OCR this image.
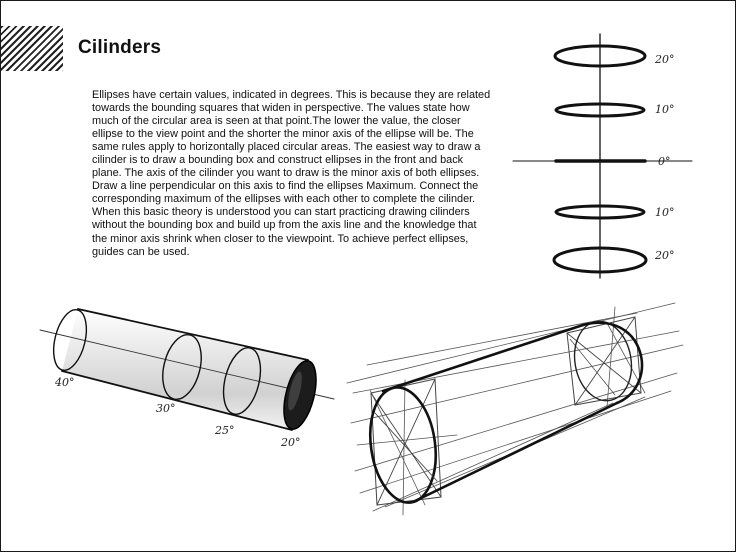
Cilinders

Ellipses have certain values, indicated in degrees. This is because they are related towards the bounding squares that widen in perspective. The values state how much of the circular area is seen at that point.The lower the value, the closer ellipse to the view point and the shorter the minor axis of the ellipse will be. The same rules apply to horizontally placed circular areas. The easiest way to draw a cilinder is to draw a bounding box and construct ellipses in the front and back plane. The axis of the cilinder you want to draw is the minor axis of both ellipses. Draw a line perpendicular on this axis to find the ellipses Maximum. Connect the corresponding maximum of the ellipses with each other to complete the cilinder. When this basic theory is understood you can start practicing drawing cilinders without the bounding box and build up from the axis line and the knowledge that the minor axis shrink when closer to the viewpoint. To achieve perfect ellipses, guides can be used.

20°
10°
0°
10°
20°
40°
30°
25°
20°
